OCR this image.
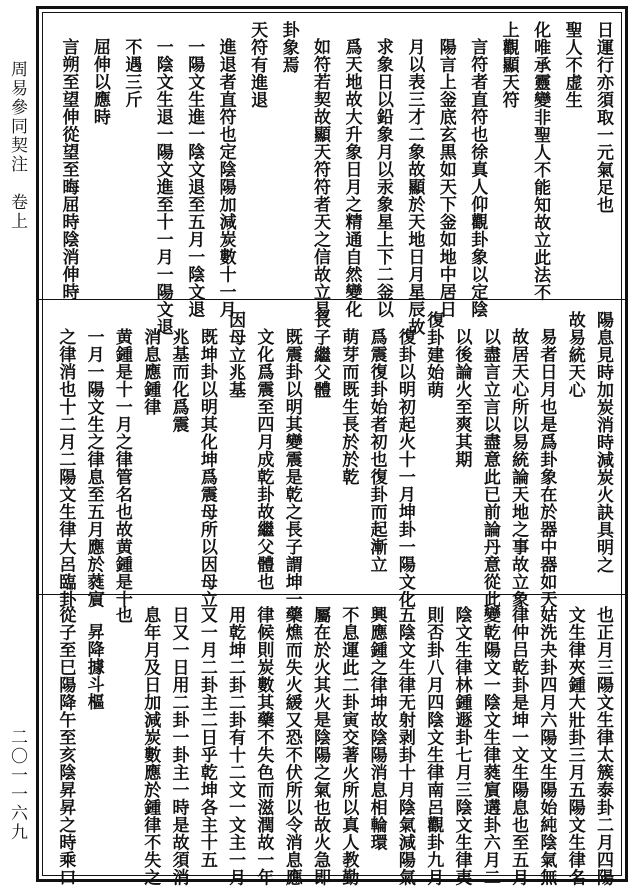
周易參同契注　卷上
二〇一一六九
日運行亦須取一元氣足也
聖人不虚生
化唯承靈變非聖人不能知故立此法不
上觀顯天符
言符者直符也徐真人仰觀卦象以定陰
陽言上釡底玄黒如天下釡如地中居日
月以表三才二象故顯於天地日月星辰故
求象日以鉛象月以汞象星上下二釡以
爲天地故大升象日月之精通自然變化
如符若契故顯天符符者天之信故立易
卦象焉
天符有進退
進退者直符也定陰陽加減炭數十一月
一陽文生進一陰文退至五月一陰文退
一陰文生退一陽文進至十一月一陽文退
不遇三斤
屈伸以應時
言朔至望伸從望至晦屈時陰消伸時
陽息見時加炭消時減炭火訣具明之
故易統天心
易者日月也是爲卦象在於器中器如天
故居天心所以易統論天地之事故立象
以盡言立言以盡意此已前論丹意從此
以後論火至爽其期
復卦建始萌
復卦以明初起火十一月坤卦一陽文化
爲震復卦始者初也復卦而起漸立
萌芽而既生長於於乾
長子繼父體
既震卦以明其變震是乾之長子謂坤一
文化爲震至四月成乾卦故繼父體也
因母立兆基
既坤卦以明其化坤爲震母所以因母立
兆基而化爲震
消息應鍾律
黄鍾是十一月之律管名也故黄鍾是十
一月一陽文生之律息至五月應於蕤賔
之律消也十二月二陽文生律大呂臨卦
也正月三陽文生律太簇泰卦二月四陽
文生律夾鍾大壯卦三月五陽文生律名
姑洗夬卦四月六陽文生陽始純陰氣無
律仲吕乾卦是坤一文生陽息也至五月
變乾陽文一陰文生律蕤賔遘卦六月二
陰文生律林鍾遯卦七月三陰文生律夷
則否卦八月四陰文生律南呂觀卦九月
五陰文生律无射剥卦十月陰氣減陽氣
興應鍾之律坤故陰陽消息相輪環
不息運此二卦寅交著火所以真人教勤
屬在於火其火是陰陽之氣也故火急即
藥燋而失火緩又恐不伏所以令消息應
律候則炭數其藥不失色而滋潤故一年
用乾坤二卦二卦有十二文一文主一月
又一月二卦主二日乎乾坤各主十五
日又一日用二卦一卦主一時是故須消
息年月及日加減炭數應於鍾律不失之
也
昇降據斗樞
從子至巳陽降午至亥陰昇昇之時乘口
